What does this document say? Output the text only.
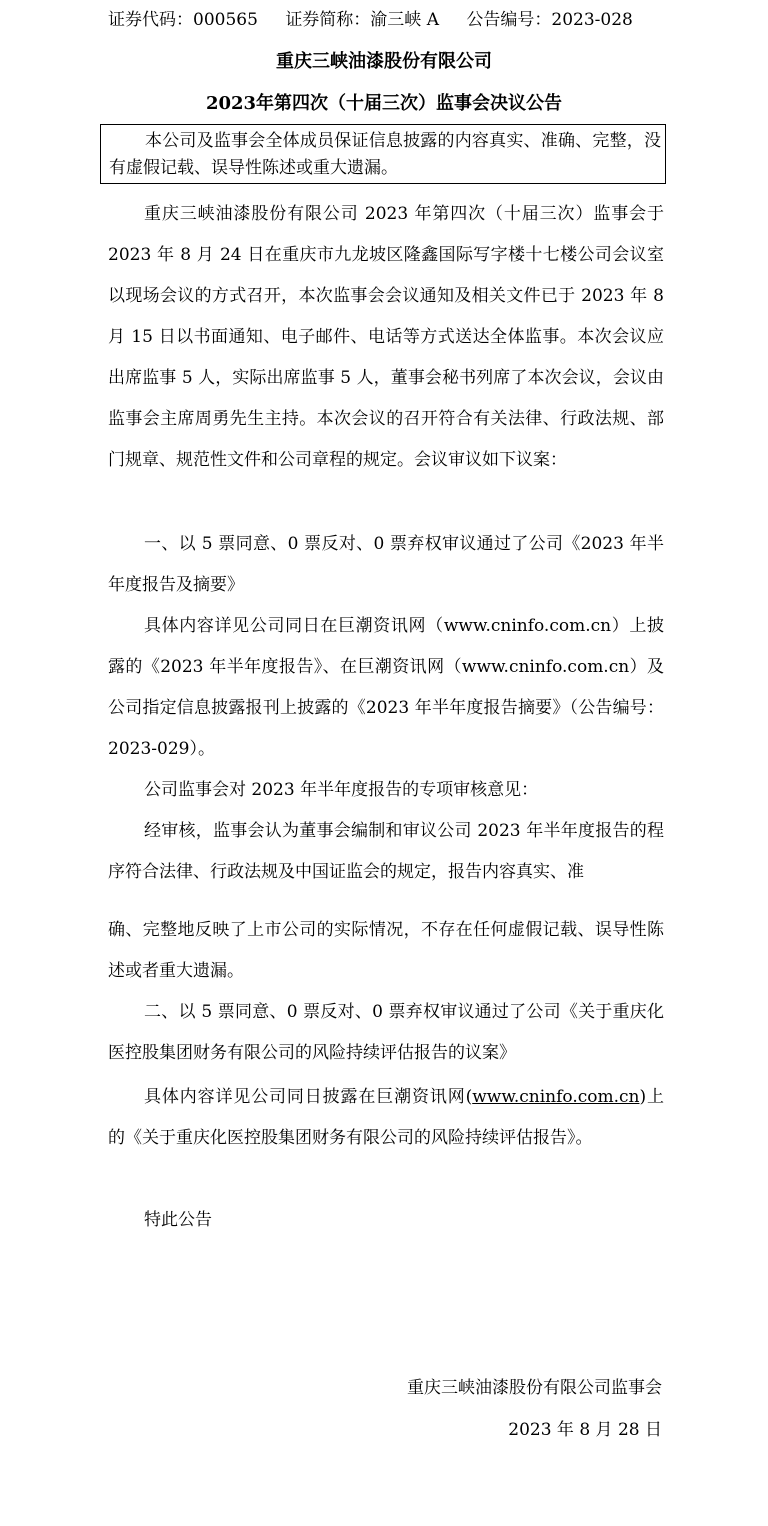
证券代码：000565 证券简称：渝三峡 A 公告编号：2023-028
重庆三峡油漆股份有限公司
2023年第四次（十届三次）监事会决议公告
本公司及监事会全体成员保证信息披露的内容真实、准确、完整，没有虚假记载、误导性陈述或重大遗漏。
重庆三峡油漆股份有限公司 2023 年第四次（十届三次）监事会于 2023 年 8 月 24 日在重庆市九龙坡区隆鑫国际写字楼十七楼公司会议室以现场会议的方式召开，本次监事会会议通知及相关文件已于 2023 年 8 月 15 日以书面通知、电子邮件、电话等方式送达全体监事。本次会议应出席监事 5 人，实际出席监事 5 人，董事会秘书列席了本次会议，会议由监事会主席周勇先生主持。本次会议的召开符合有关法律、行政法规、部门规章、规范性文件和公司章程的规定。会议审议如下议案：
一、以 5 票同意、0 票反对、0 票弃权审议通过了公司《2023 年半年度报告及摘要》
具体内容详见公司同日在巨潮资讯网（www.cninfo.com.cn）上披露的《2023 年半年度报告》、在巨潮资讯网（www.cninfo.com.cn）及公司指定信息披露报刊上披露的《2023 年半年度报告摘要》（公告编号：2023-029）。
公司监事会对 2023 年半年度报告的专项审核意见：
经审核，监事会认为董事会编制和审议公司 2023 年半年度报告的程序符合法律、行政法规及中国证监会的规定，报告内容真实、准
确、完整地反映了上市公司的实际情况，不存在任何虚假记载、误导性陈述或者重大遗漏。
二、以 5 票同意、0 票反对、0 票弃权审议通过了公司《关于重庆化医控股集团财务有限公司的风险持续评估报告的议案》
具体内容详见公司同日披露在巨潮资讯网(www.cninfo.com.cn)上的《关于重庆化医控股集团财务有限公司的风险持续评估报告》。
特此公告
重庆三峡油漆股份有限公司监事会
2023 年 8 月 28 日
